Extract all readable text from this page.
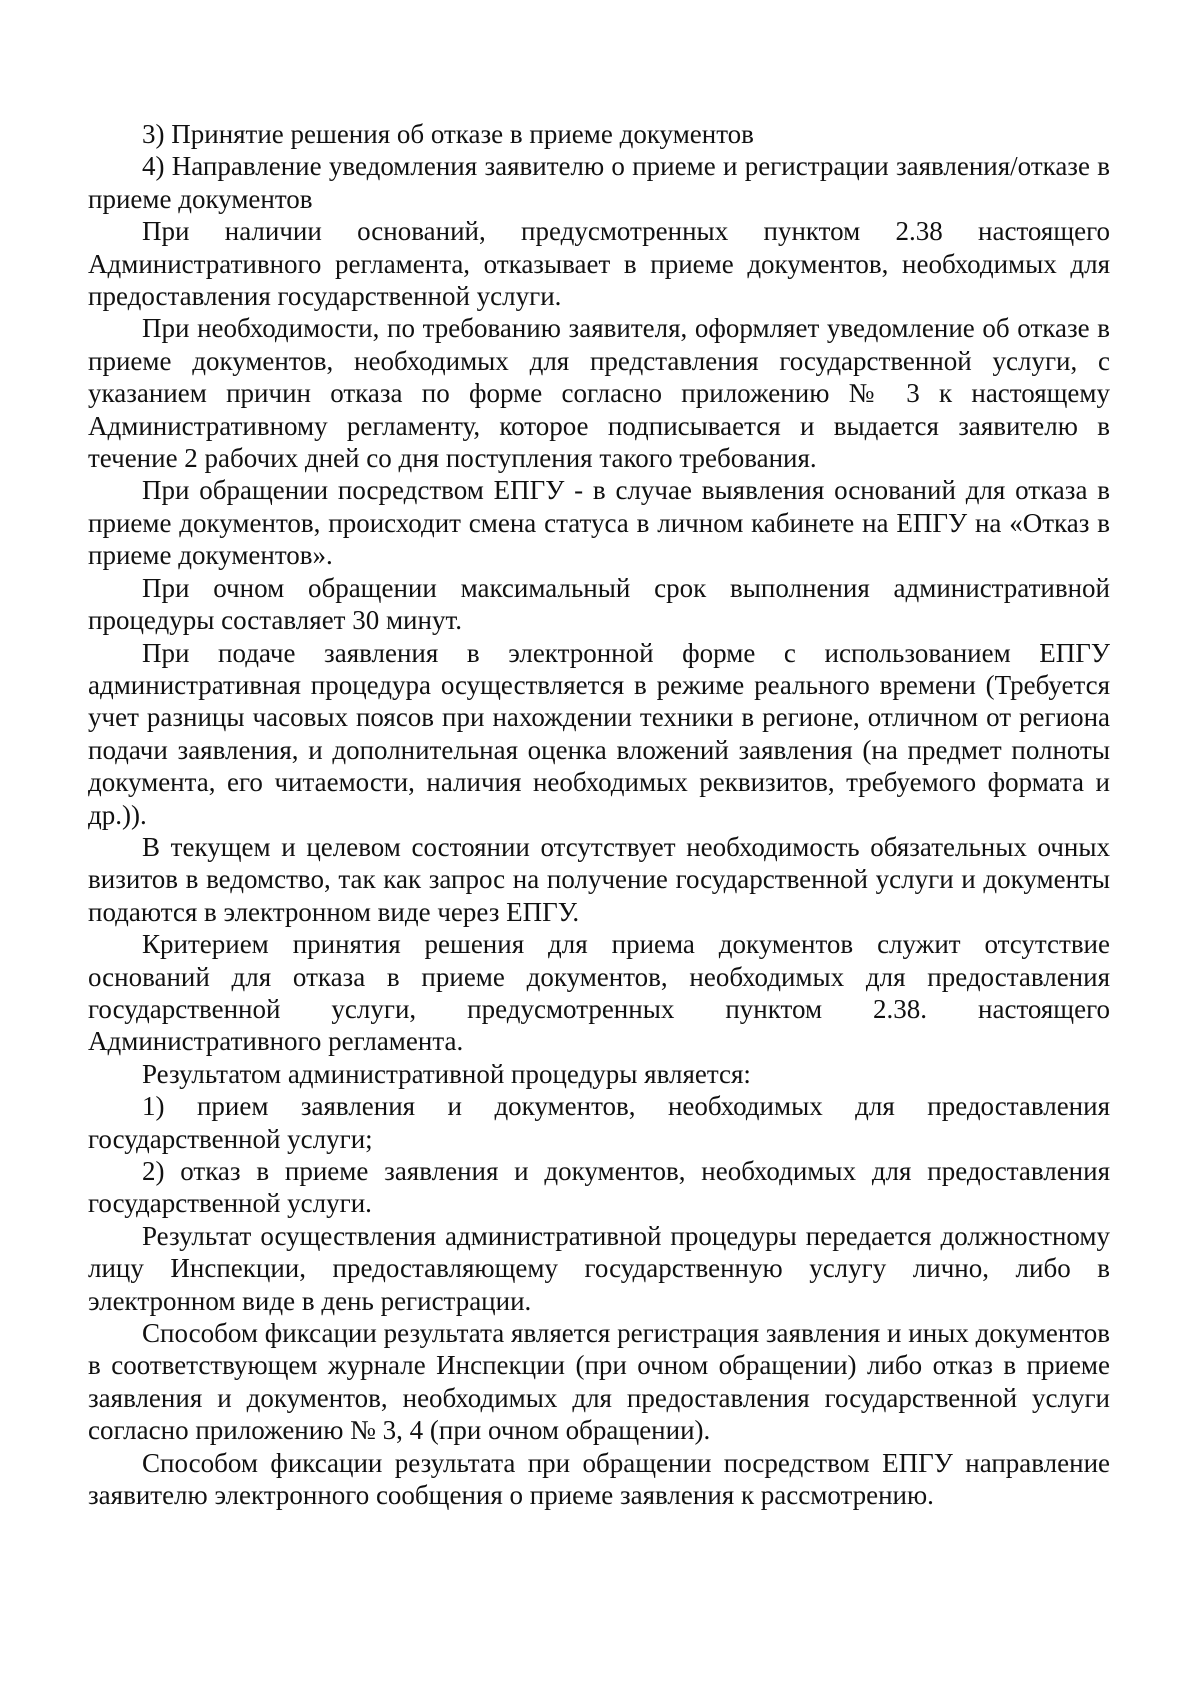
3) Принятие решения об отказе в приеме документов

4) Направление уведомления заявителю о приеме и регистрации заявления/отказе в приеме документов

При наличии оснований, предусмотренных пунктом 2.38 настоящего Административного регламента, отказывает в приеме документов, необходимых для предоставления государственной услуги.

При необходимости, по требованию заявителя, оформляет уведомление об отказе в приеме документов, необходимых для представления государственной услуги, с указанием причин отказа по форме согласно приложению № 3 к настоящему Административному регламенту, которое подписывается и выдается заявителю в течение 2 рабочих дней со дня поступления такого требования.

При обращении посредством ЕПГУ - в случае выявления оснований для отказа в приеме документов, происходит смена статуса в личном кабинете на ЕПГУ на «Отказ в приеме документов».

При очном обращении максимальный срок выполнения административной процедуры составляет 30 минут.

При подаче заявления в электронной форме с использованием ЕПГУ административная процедура осуществляется в режиме реального времени (Требуется учет разницы часовых поясов при нахождении техники в регионе, отличном от региона подачи заявления, и дополнительная оценка вложений заявления (на предмет полноты документа, его читаемости, наличия необходимых реквизитов, требуемого формата и др.)).

В текущем и целевом состоянии отсутствует необходимость обязательных очных визитов в ведомство, так как запрос на получение государственной услуги и документы подаются в электронном виде через ЕПГУ.

Критерием принятия решения для приема документов служит отсутствие оснований для отказа в приеме документов, необходимых для предоставления государственной услуги, предусмотренных пунктом 2.38. настоящего Административного регламента.

Результатом административной процедуры является:

1) прием заявления и документов, необходимых для предоставления государственной услуги;

2) отказ в приеме заявления и документов, необходимых для предоставления государственной услуги.

Результат осуществления административной процедуры передается должностному лицу Инспекции, предоставляющему государственную услугу лично, либо в электронном виде в день регистрации.

Способом фиксации результата является регистрация заявления и иных документов в соответствующем журнале Инспекции (при очном обращении) либо отказ в приеме заявления и документов, необходимых для предоставления государственной услуги согласно приложению № 3, 4 (при очном обращении).

Способом фиксации результата при обращении посредством ЕПГУ направление заявителю электронного сообщения о приеме заявления к рассмотрению.
